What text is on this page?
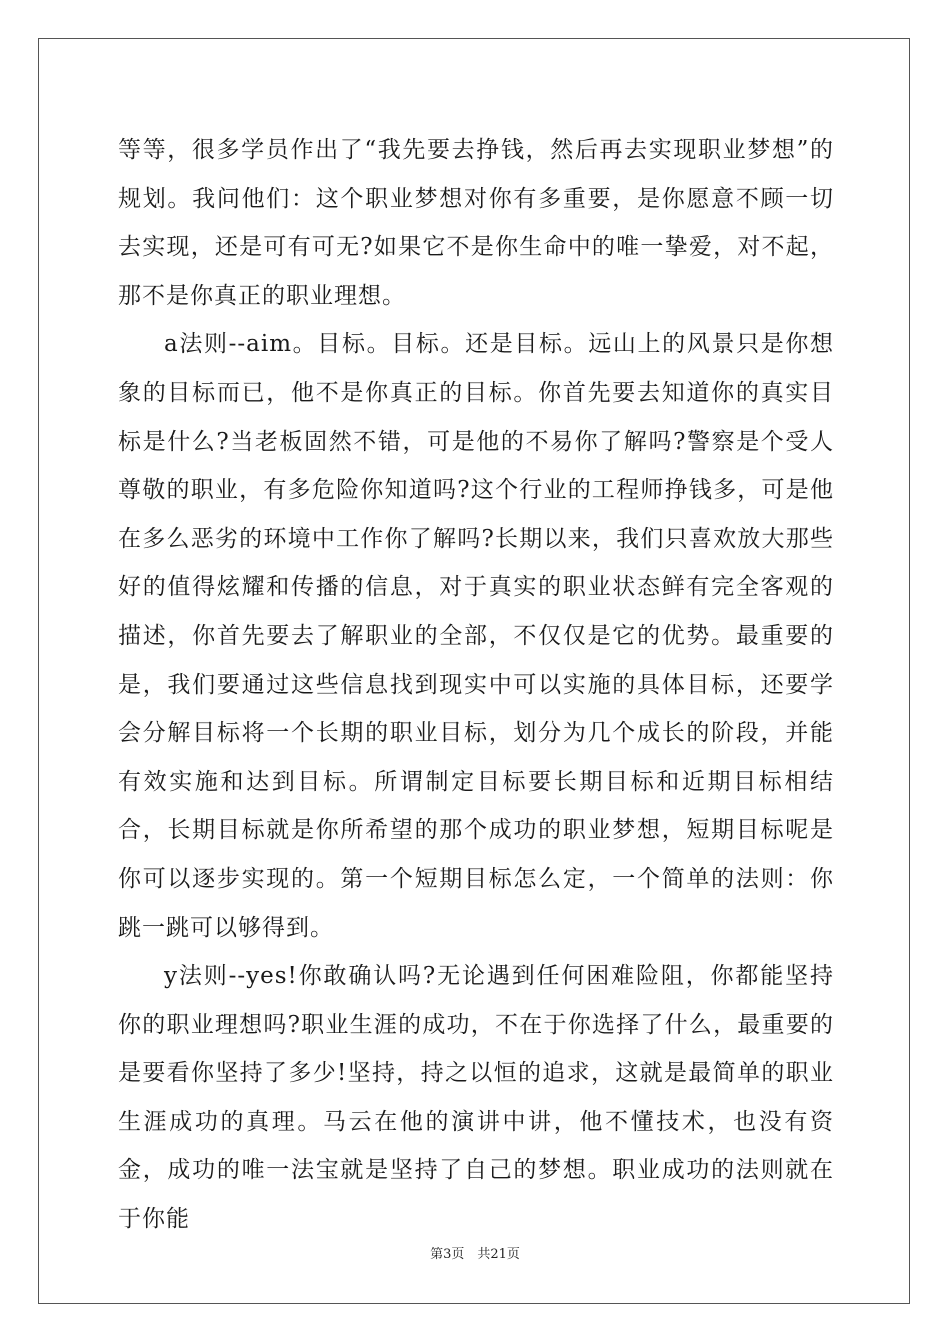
等等，很多学员作出了“我先要去挣钱，然后再去实现职业梦想”的规划。我问他们：这个职业梦想对你有多重要，是你愿意不顾一切去实现，还是可有可无?如果它不是你生命中的唯一挚爱，对不起，那不是你真正的职业理想。

a法则--aim。目标。目标。还是目标。远山上的风景只是你想象的目标而已，他不是你真正的目标。你首先要去知道你的真实目标是什么?当老板固然不错，可是他的不易你了解吗?警察是个受人尊敬的职业，有多危险你知道吗?这个行业的工程师挣钱多，可是他在多么恶劣的环境中工作你了解吗?长期以来，我们只喜欢放大那些好的值得炫耀和传播的信息，对于真实的职业状态鲜有完全客观的描述，你首先要去了解职业的全部，不仅仅是它的优势。最重要的是，我们要通过这些信息找到现实中可以实施的具体目标，还要学会分解目标将一个长期的职业目标，划分为几个成长的阶段，并能有效实施和达到目标。所谓制定目标要长期目标和近期目标相结合，长期目标就是你所希望的那个成功的职业梦想，短期目标呢是你可以逐步实现的。第一个短期目标怎么定，一个简单的法则：你跳一跳可以够得到。

y法则--yes!你敢确认吗?无论遇到任何困难险阻，你都能坚持你的职业理想吗?职业生涯的成功，不在于你选择了什么，最重要的是要看你坚持了多少!坚持，持之以恒的追求，这就是最简单的职业生涯成功的真理。马云在他的演讲中讲，他不懂技术，也没有资金，成功的唯一法宝就是坚持了自己的梦想。职业成功的法则就在于你能

第3页　共21页
